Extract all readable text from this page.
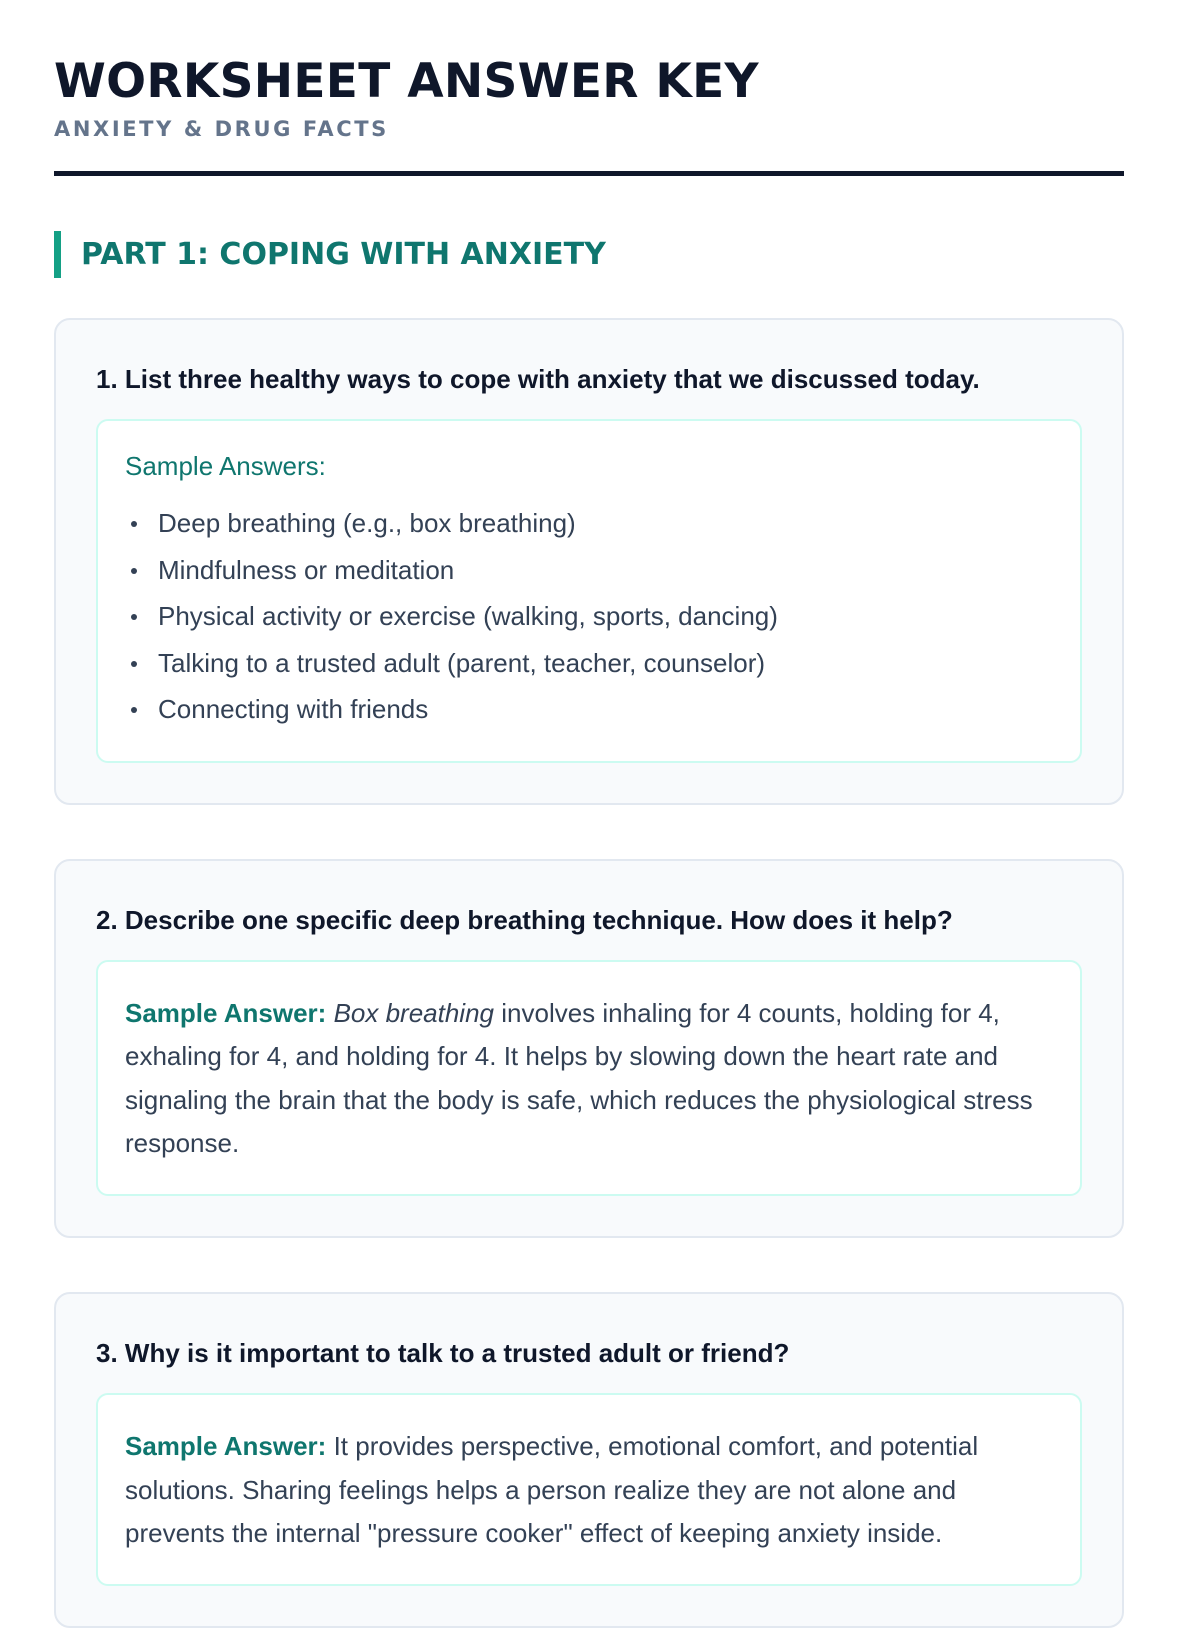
WORKSHEET ANSWER KEY
ANXIETY & DRUG FACTS
PART 1: COPING WITH ANXIETY
1. List three healthy ways to cope with anxiety that we discussed today.
Sample Answers:
Deep breathing (e.g., box breathing)
Mindfulness or meditation
Physical activity or exercise (walking, sports, dancing)
Talking to a trusted adult (parent, teacher, counselor)
Connecting with friends
2. Describe one specific deep breathing technique. How does it help?

Sample Answer: Box breathing involves inhaling for 4 counts, holding for 4, exhaling for 4, and holding for 4. It helps by slowing down the heart rate and signaling the brain that the body is safe, which reduces the physiological stress response.

3. Why is it important to talk to a trusted adult or friend?

Sample Answer: It provides perspective, emotional comfort, and potential solutions. Sharing feelings helps a person realize they are not alone and prevents the internal "pressure cooker" effect of keeping anxiety inside.
